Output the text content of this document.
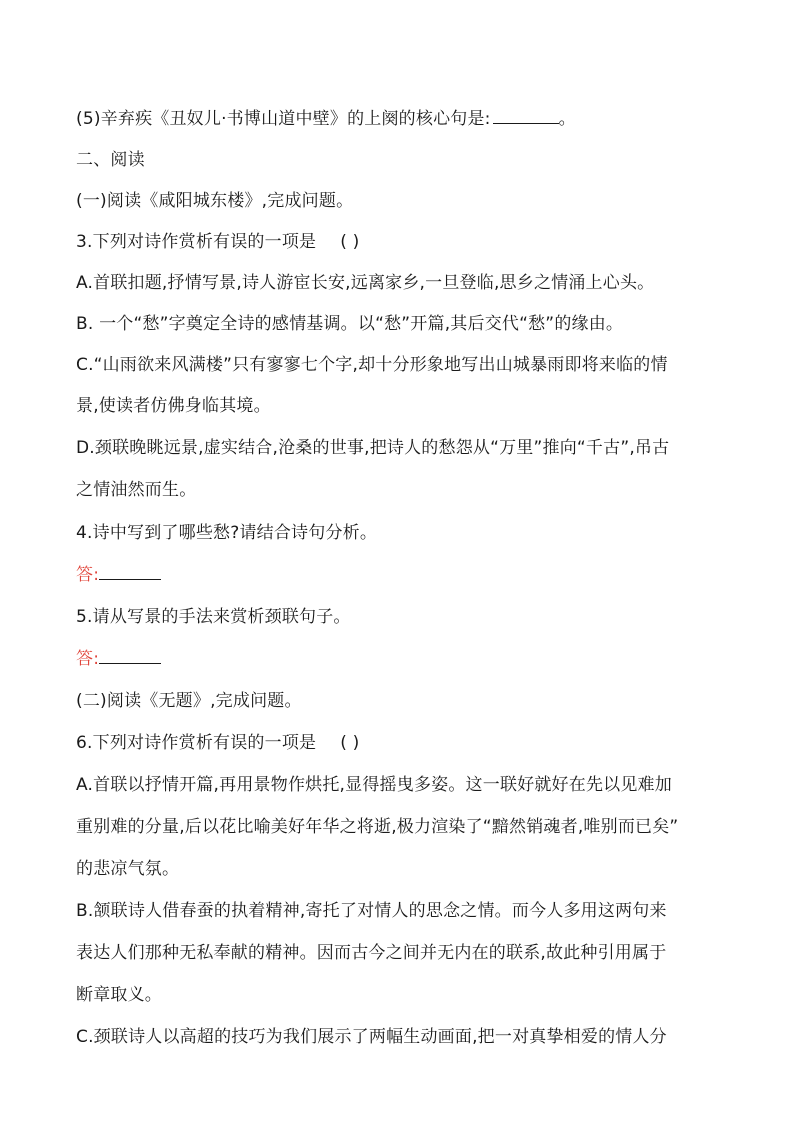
(5)辛弃疾《丑奴儿·书博山道中壁》的上阕的核心句是:	。
二、阅读
(一)阅读《咸阳城东楼》,完成问题。
3.下列对诗作赏析有误的一项是 ( )
A.首联扣题,抒情写景,诗人游宦长安,远离家乡,一旦登临,思乡之情涌上心头。
B. 一个“愁”字奠定全诗的感情基调。以“愁”开篇,其后交代“愁”的缘由。
C.“山雨欲来风满楼”只有寥寥七个字,却十分形象地写出山城暴雨即将来临的情
景,使读者仿佛身临其境。
D.颈联晚眺远景,虚实结合,沧桑的世事,把诗人的愁怨从“万里”推向“千古”,吊古
之情油然而生。
4.诗中写到了哪些愁?请结合诗句分析。
答:
5.请从写景的手法来赏析颈联句子。
答:
(二)阅读《无题》,完成问题。
6.下列对诗作赏析有误的一项是 ( )
A.首联以抒情开篇,再用景物作烘托,显得摇曳多姿。这一联好就好在先以见难加
重别难的分量,后以花比喻美好年华之将逝,极力渲染了“黯然销魂者,唯别而已矣”
的悲凉气氛。
B.颔联诗人借春蚕的执着精神,寄托了对情人的思念之情。而今人多用这两句来
表达人们那种无私奉献的精神。因而古今之间并无内在的联系,故此种引用属于
断章取义。
C.颈联诗人以高超的技巧为我们展示了两幅生动画面,把一对真挚相爱的情人分
